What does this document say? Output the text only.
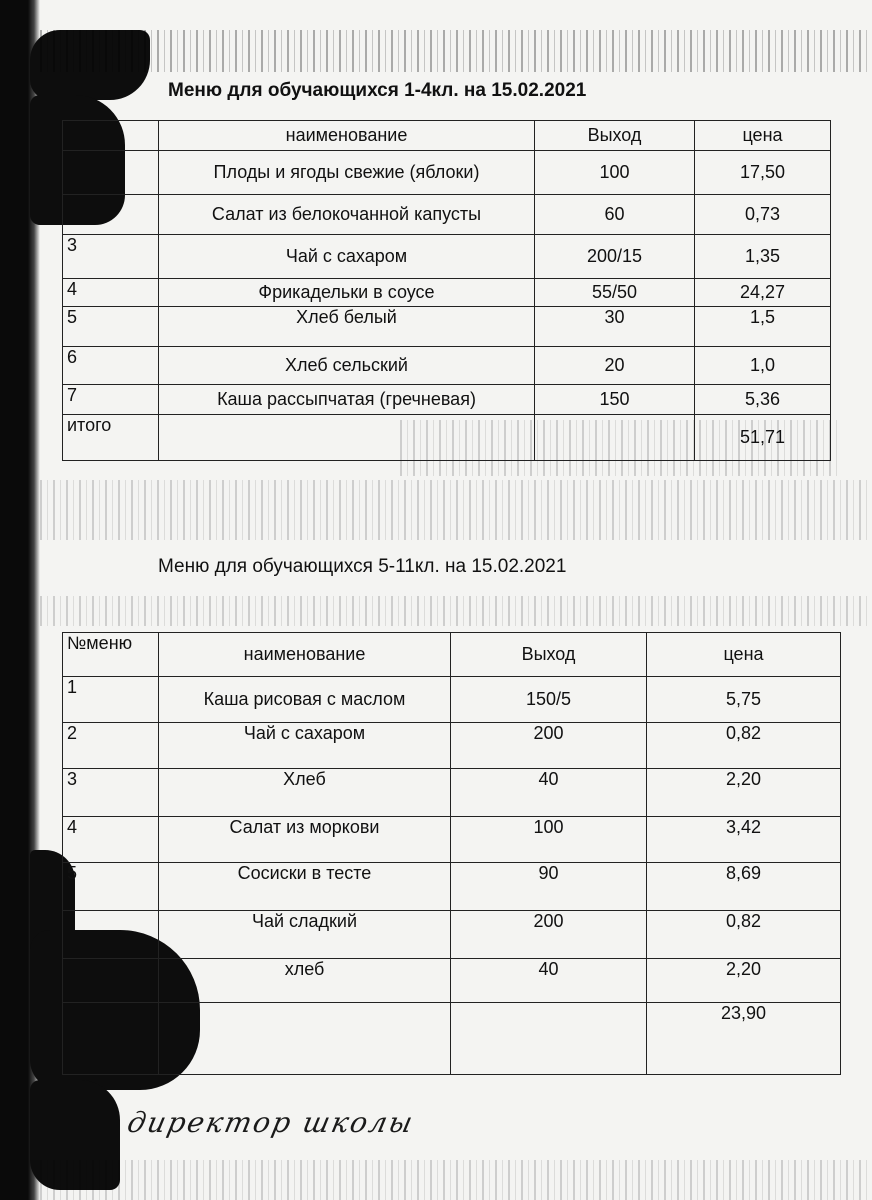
Меню для обучающихся 1-4кл. на 15.02.2021
	наименование	Выход	цена
	Плоды и ягоды свежие (яблоки)	100	17,50
	Салат из белокочанной капусты	60	0,73
3	Чай с сахаром	200/15	1,35
4	Фрикадельки в соусе	55/50	24,27
5	Хлеб белый	30	1,5
6	Хлеб сельский	20	1,0
7	Каша рассыпчатая (гречневая)	150	5,36
итого			51,71
Меню для обучающихся 5-11кл. на 15.02.2021
№меню	наименование	Выход	цена
1	Каша рисовая с маслом	150/5	5,75
2	Чай с сахаром	200	0,82
3	Хлеб	40	2,20
4	Салат из моркови	100	3,42
5	Сосиски в тесте	90	8,69
	Чай сладкий	200	0,82
	хлеб	40	2,20
			23,90
директор школы
